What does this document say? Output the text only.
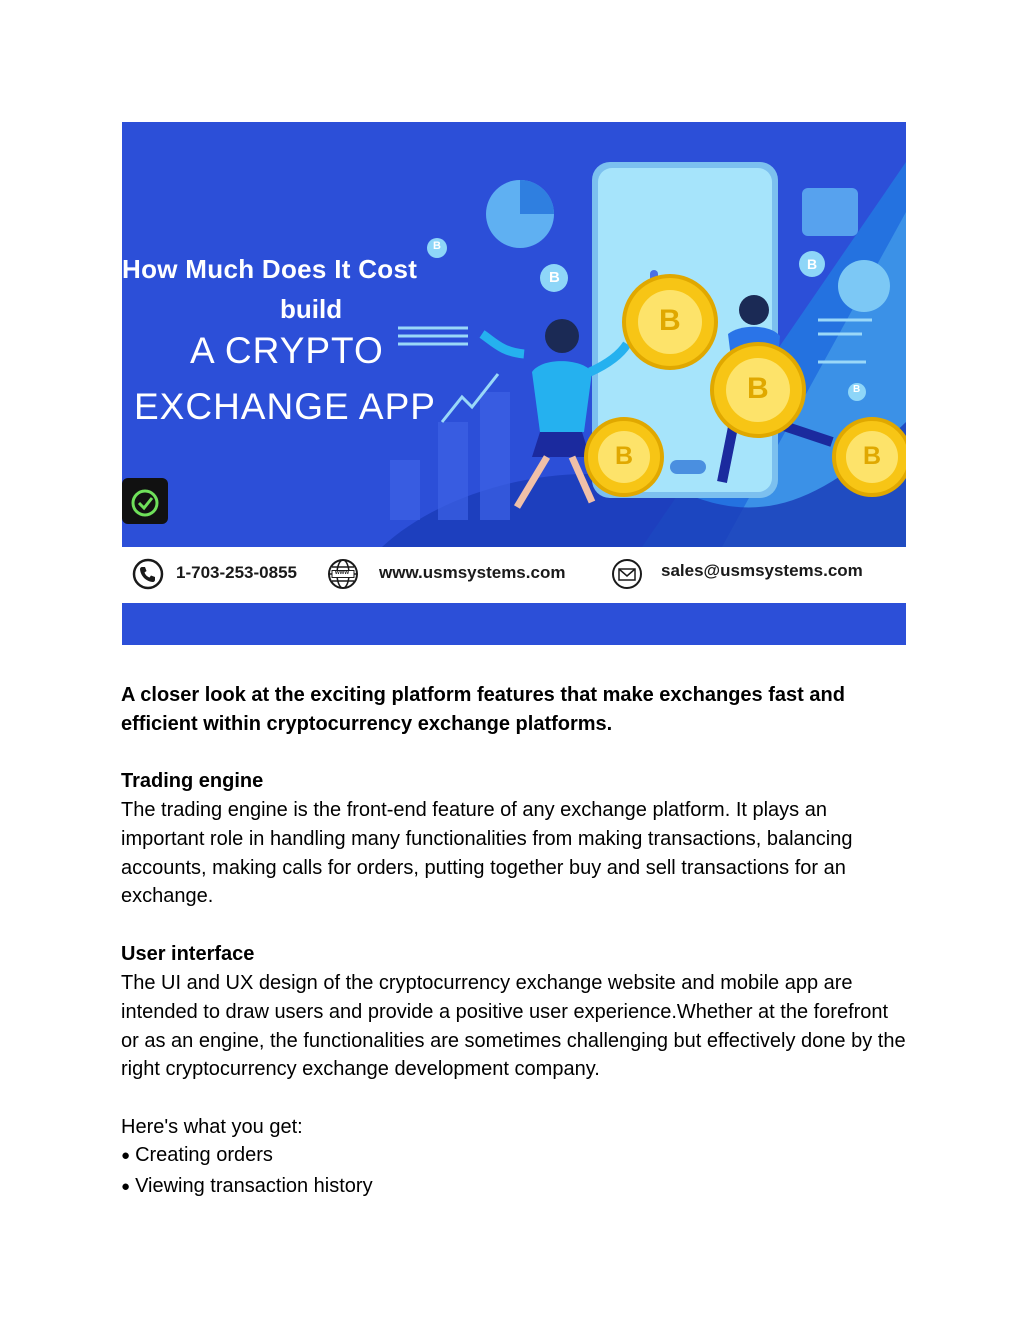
B
B
B	B
B
B
B
B
How Much Does It Cost
build
A CRYPTO
EXCHANGE APP
1-703-253-0855	www www.usmsystems.com	sales@usmsystems.com

A closer look at the exciting platform features that make exchanges fast and efficient within cryptocurrency exchange platforms.

Trading engine

The trading engine is the front-end feature of any exchange platform. It plays an important role in handling many functionalities from making transactions, balancing accounts, making calls for orders, putting together buy and sell transactions for an exchange.

User interface

The UI and UX design of the cryptocurrency exchange website and mobile app are intended to draw users and provide a positive user experience.Whether at the forefront or as an engine, the functionalities are sometimes challenging but effectively done by the right cryptocurrency exchange development company.

Here's what you get:

● Creating orders
● Viewing transaction history
